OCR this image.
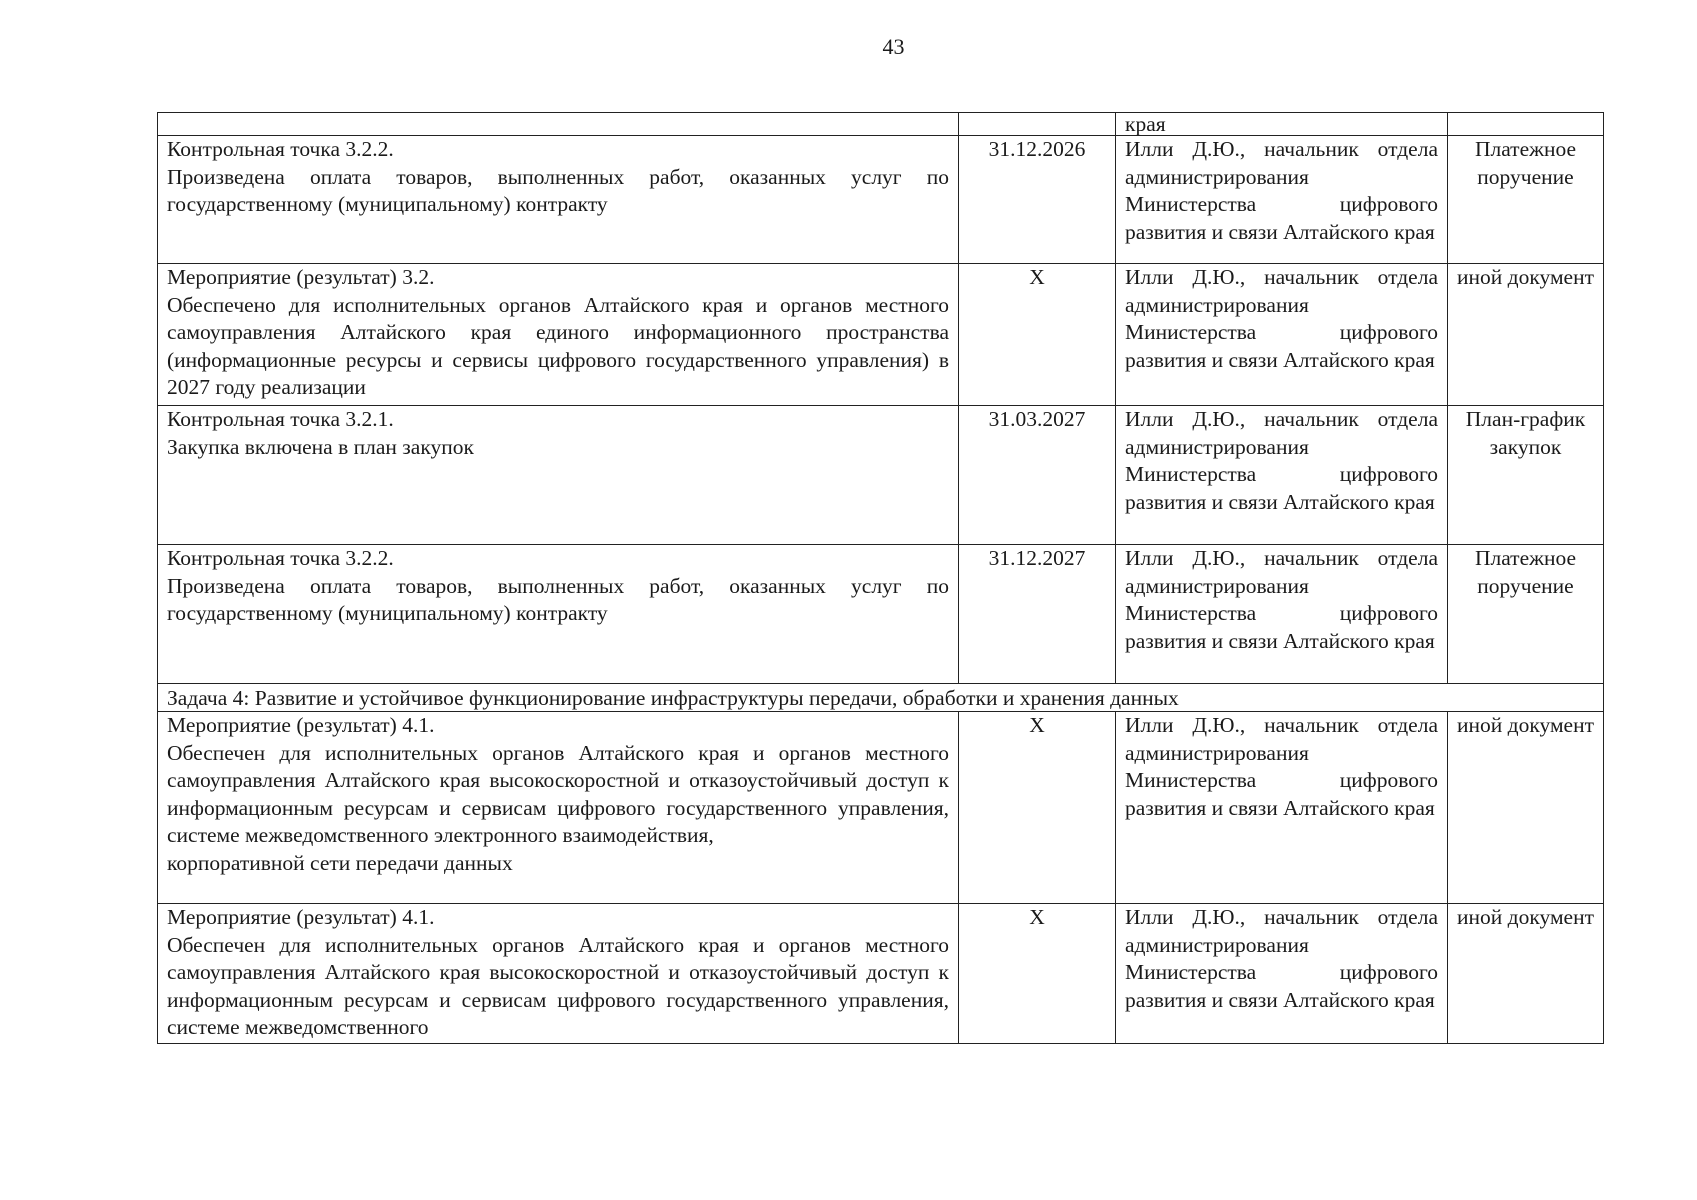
43
		края	

Контрольная точка 3.2.2.
Произведена оплата товаров, выполненных работ, оказанных услуг по государственному (муниципальному) контракту	31.12.2026	Илли Д.Ю., начальник отдела администрирования Министерства цифрового развития и связи Алтайского края	Платежное поручение

Мероприятие (результат) 3.2.
Обеспечено для исполнительных органов Алтайского края и органов местного самоуправления Алтайского края единого информационного пространства (информационные ресурсы и сервисы цифрового государственного управления) в 2027 году реализации	X	Илли Д.Ю., начальник отдела администрирования Министерства цифрового развития и связи Алтайского края	иной документ

Контрольная точка 3.2.1.
Закупка включена в план закупок	31.03.2027	Илли Д.Ю., начальник отдела администрирования Министерства цифрового развития и связи Алтайского края	План-график закупок

Контрольная точка 3.2.2.
Произведена оплата товаров, выполненных работ, оказанных услуг по государственному (муниципальному) контракту	31.12.2027	Илли Д.Ю., начальник отдела администрирования Министерства цифрового развития и связи Алтайского края	Платежное поручение
Задача 4: Развитие и устойчивое функционирование инфраструктуры передачи, обработки и хранения данных			

Мероприятие (результат) 4.1.
Обеспечен для исполнительных органов Алтайского края и органов местного самоуправления Алтайского края высокоскоростной и отказоустойчивый доступ к информационным ресурсам и сервисам цифрового государственного управления, системе межведомственного электронного взаимодействия,
корпоративной сети передачи данных	X	Илли Д.Ю., начальник отдела администрирования Министерства цифрового развития и связи Алтайского края	иной документ

Мероприятие (результат) 4.1.
Обеспечен для исполнительных органов Алтайского края и органов местного самоуправления Алтайского края высокоскоростной и отказоустойчивый доступ к информационным ресурсам и сервисам цифрового государственного управления, системе межведомственного	X	Илли Д.Ю., начальник отдела администрирования Министерства цифрового развития и связи Алтайского края	иной документ
